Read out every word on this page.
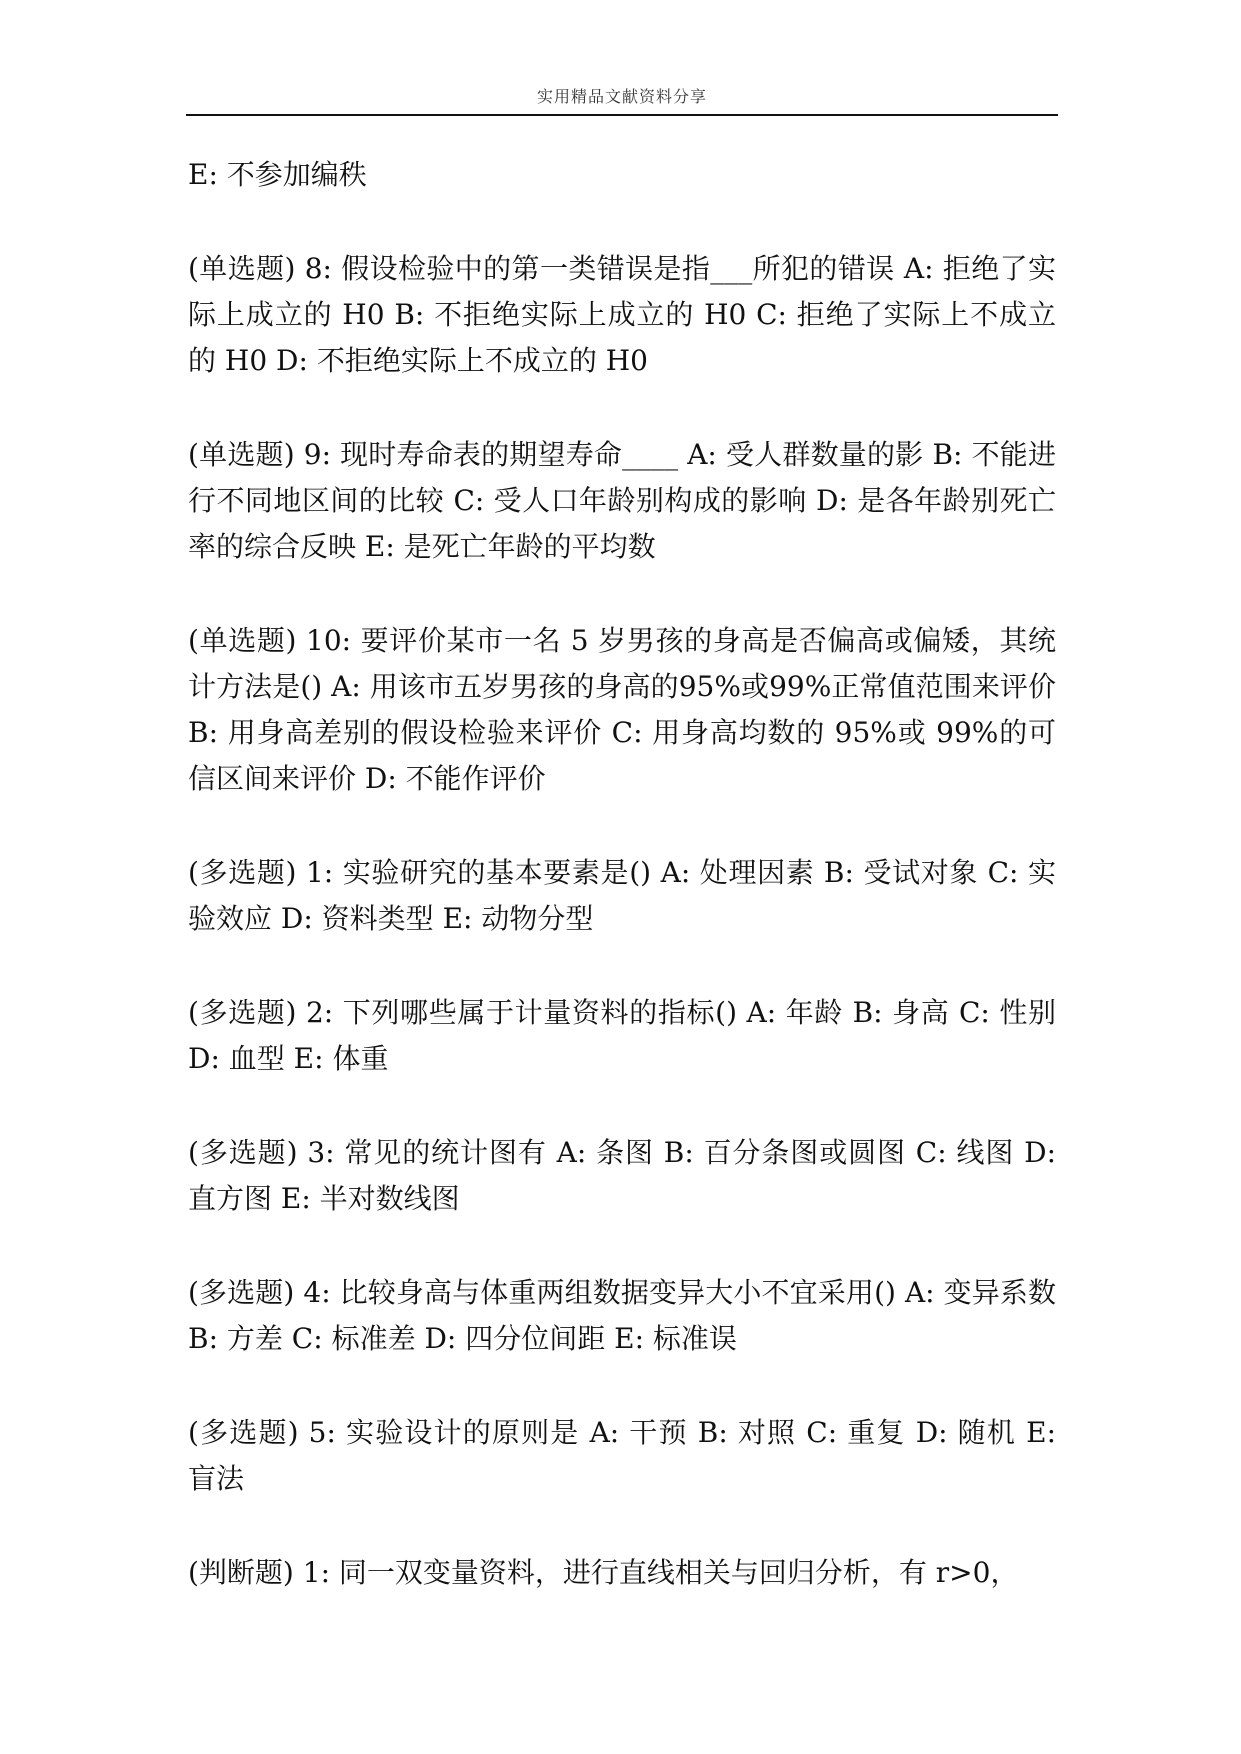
实用精品文献资料分享

E: 不参加编秩

(单选题) 8: 假设检验中的第一类错误是指___所犯的错误 A: 拒绝了实际上成立的 H0 B: 不拒绝实际上成立的 H0 C: 拒绝了实际上不成立的 H0 D: 不拒绝实际上不成立的 H0

(单选题) 9: 现时寿命表的期望寿命____ A: 受人群数量的影 B: 不能进行不同地区间的比较 C: 受人口年龄别构成的影响 D: 是各年龄别死亡率的综合反映 E: 是死亡年龄的平均数

(单选题) 10: 要评价某市一名 5 岁男孩的身高是否偏高或偏矮，其统计方法是() A: 用该市五岁男孩的身高的95%或99%正常值范围来评价 B: 用身高差别的假设检验来评价 C: 用身高均数的 95%或 99%的可信区间来评价 D: 不能作评价

(多选题) 1: 实验研究的基本要素是() A: 处理因素 B: 受试对象 C: 实验效应 D: 资料类型 E: 动物分型

(多选题) 2: 下列哪些属于计量资料的指标() A: 年龄 B: 身高 C: 性别 D: 血型 E: 体重

(多选题) 3: 常见的统计图有 A: 条图 B: 百分条图或圆图 C: 线图 D: 直方图 E: 半对数线图

(多选题) 4: 比较身高与体重两组数据变异大小不宜采用() A: 变异系数 B: 方差 C: 标准差 D: 四分位间距 E: 标准误

(多选题) 5: 实验设计的原则是 A: 干预 B: 对照 C: 重复 D: 随机 E: 盲法

(判断题) 1: 同一双变量资料，进行直线相关与回归分析，有 r>0，
